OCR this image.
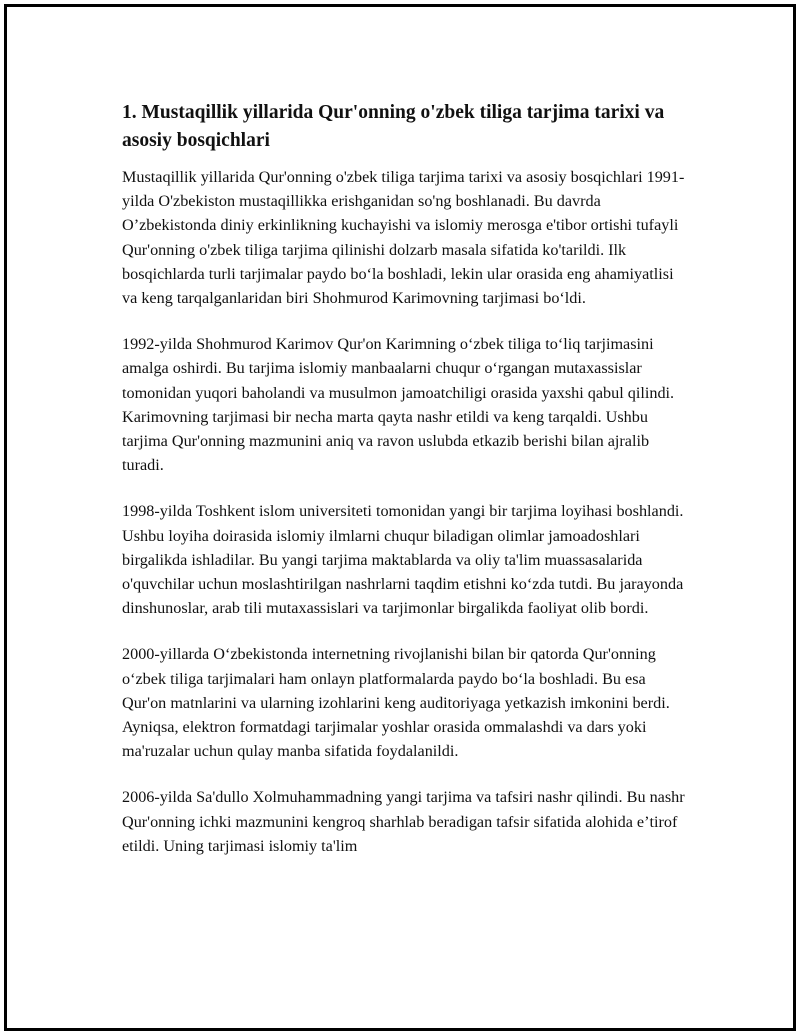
1. Mustaqillik yillarida Qur'onning o'zbek tiligа tarjima tarixi va asosiy bosqichlari

Mustaqillik yillarida Qur'onning o'zbek tiligа tarjima tarixi va asosiy bosqichlari 1991-yilda O'zbekiston mustaqillikka erishganidan so'ng boshlanadi. Bu davrda O’zbekistonda diniy erkinlikning kuchayishi va islomiy merosga e'tibor ortishi tufayli Qur'onning o'zbek tiligа tarjima qilinishi dolzarb masala sifatida ko'tarildi. Ilk bosqichlarda turli tarjimalar paydo boʻla boshladi, lekin ular orasida eng ahamiyatlisi va keng tarqalganlaridan biri Shohmurod Karimovning tarjimasi boʻldi.

1992-yilda Shohmurod Karimov Qur'on Karimning oʻzbek tiliga toʻliq tarjimasini amalga oshirdi. Bu tarjima islomiy manbaalarni chuqur oʻrgangan mutaxassislar tomonidan yuqori baholandi va musulmon jamoatchiligi orasida yaxshi qabul qilindi. Karimovning tarjimasi bir necha marta qayta nashr etildi va keng tarqaldi. Ushbu tarjima Qur'onning mazmunini aniq va ravon uslubda etkazib berishi bilan ajralib turadi.

1998-yilda Toshkent islom universiteti tomonidan yangi bir tarjima loyihasi boshlandi. Ushbu loyiha doirasida islomiy ilmlarni chuqur biladigan olimlar jamoadoshlari birgalikda ishladilar. Bu yangi tarjima maktablarda va oliy ta'lim muassasalarida o'quvchilar uchun moslashtirilgan nashrlarni taqdim etishni koʻzda tutdi. Bu jarayonda dinshunoslar, arab tili mutaxassislari va tarjimonlar birgalikda faoliyat olib bordi.

2000-yillarda Oʻzbekistonda internetning rivojlanishi bilan bir qatorda Qur'onning oʻzbek tiliga tarjimalari ham onlayn platformalarda paydo boʻla boshladi. Bu esa Qur'on matnlarini va ularning izohlarini keng auditoriyaga yetkazish imkonini berdi. Ayniqsa, elektron formatdagi tarjimalar yoshlar orasida ommalashdi va dars yoki ma'ruzalar uchun qulay manba sifatida foydalanildi.

2006-yilda Sa'dullo Xolmuhammadning yangi tarjima va tafsiri nashr qilindi. Bu nashr Qur'onning ichki mazmunini kengroq sharhlab beradigan tafsir sifatida alohida eʼtirof etildi. Uning tarjimasi islomiy ta'lim
